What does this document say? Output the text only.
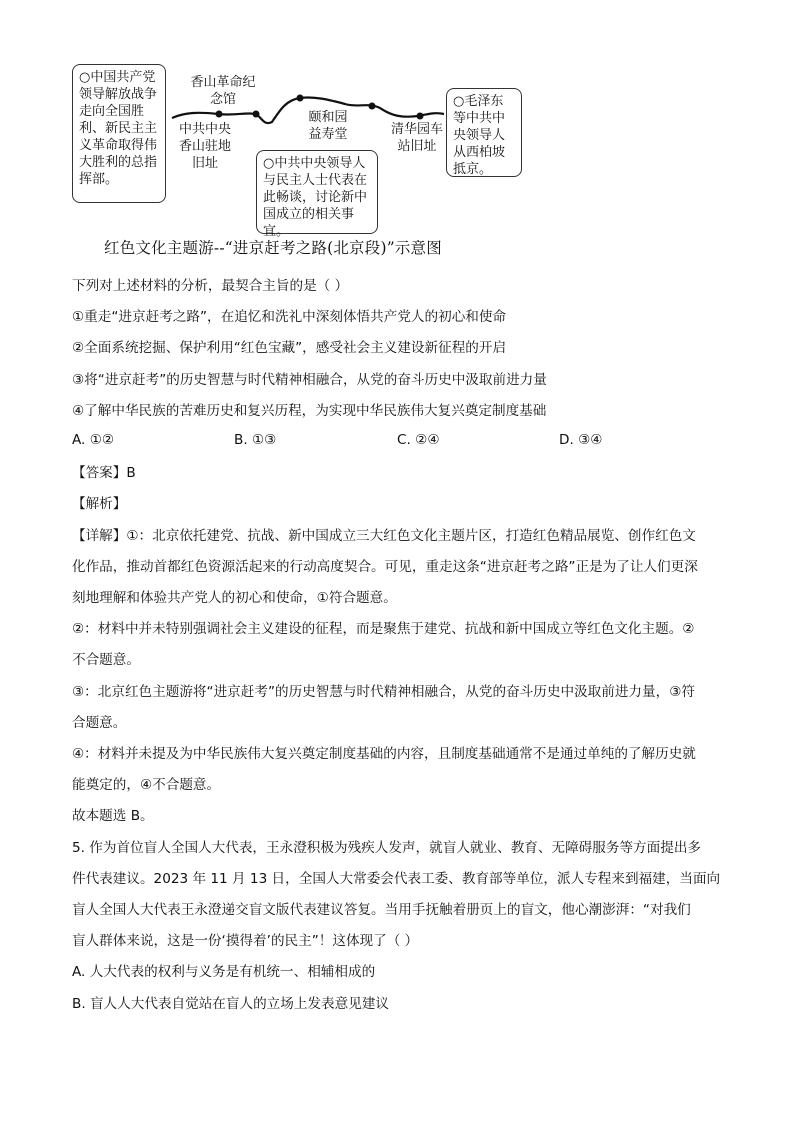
○中国共产党领导解放战争走向全国胜利、新民主主义革命取得伟大胜利的总指挥部。
香山革命纪念馆
中共中央香山驻地旧址
颐和园益寿堂
○中共中央领导人与民主人士代表在此畅谈，讨论新中国成立的相关事宜。
清华园车站旧址
○毛泽东等中共中央领导人从西柏坡抵京。
红色文化主题游--“进京赶考之路(北京段)”示意图
下列对上述材料的分析，最契合主旨的是（ ）
①重走“进京赶考之路”，在追忆和洗礼中深刻体悟共产党人的初心和使命
②全面系统挖掘、保护利用“红色宝藏”，感受社会主义建设新征程的开启
③将“进京赶考”的历史智慧与时代精神相融合，从党的奋斗历史中汲取前进力量
④了解中华民族的苦难历史和复兴历程，为实现中华民族伟大复兴奠定制度基础
A. ①②	B. ①③	C. ②④	D. ③④
【答案】B
【解析】
【详解】①：北京依托建党、抗战、新中国成立三大红色文化主题片区，打造红色精品展览、创作红色文
化作品，推动首都红色资源活起来的行动高度契合。可见，重走这条“进京赶考之路”正是为了让人们更深
刻地理解和体验共产党人的初心和使命，①符合题意。
②：材料中并未特别强调社会主义建设的征程，而是聚焦于建党、抗战和新中国成立等红色文化主题。②
不合题意。
③：北京红色主题游将“进京赶考”的历史智慧与时代精神相融合，从党的奋斗历史中汲取前进力量，③符
合题意。
④：材料并未提及为中华民族伟大复兴奠定制度基础的内容，且制度基础通常不是通过单纯的了解历史就
能奠定的，④不合题意。
故本题选 B。
5. 作为首位盲人全国人大代表，王永澄积极为残疾人发声，就盲人就业、教育、无障碍服务等方面提出多
件代表建议。2023 年 11 月 13 日，全国人大常委会代表工委、教育部等单位，派人专程来到福建，当面向
盲人全国人大代表王永澄递交盲文版代表建议答复。当用手抚触着册页上的盲文，他心潮澎湃：“对我们
盲人群体来说，这是一份‘摸得着’的民主”！这体现了（ ）
A. 人大代表的权利与义务是有机统一、相辅相成的
B. 盲人人大代表自觉站在盲人的立场上发表意见建议
